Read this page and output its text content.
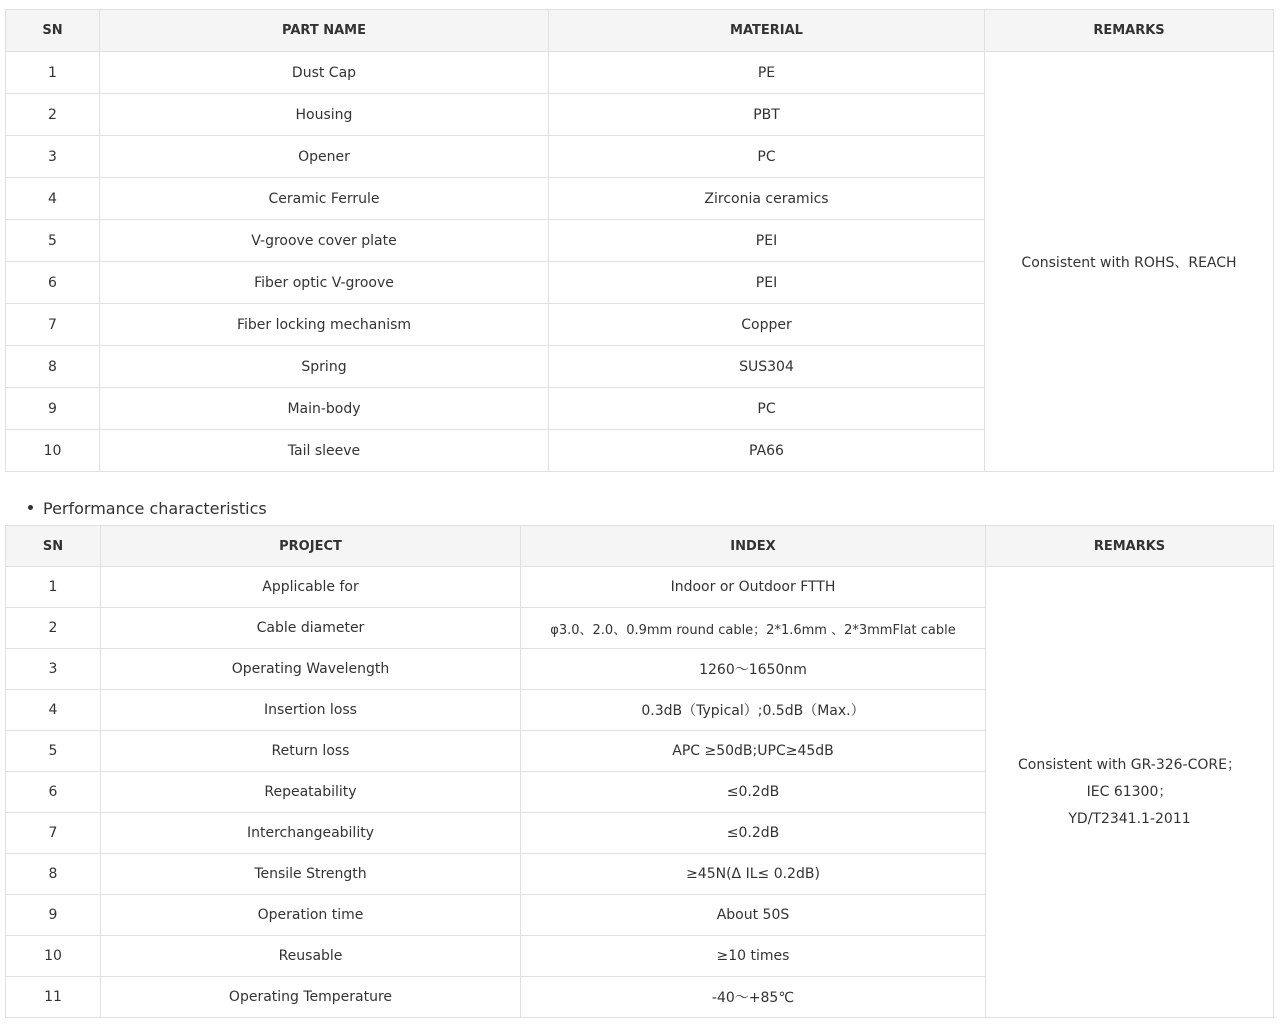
SN	PART NAME	MATERIAL	REMARKS
1	Dust Cap	PE	Consistent with ROHS、REACH
2	Housing	PBT	
3	Opener	PC	
4	Ceramic Ferrule	Zirconia ceramics	
5	V-groove cover plate	PEI	
6	Fiber optic V-groove	PEI	
7	Fiber locking mechanism	Copper	
8	Spring	SUS304	
9	Main-body	PC	
10	Tail sleeve	PA66	
Performance characteristics
SN	PROJECT	INDEX	REMARKS
1	Applicable for	Indoor or Outdoor FTTH	Consistent with GR-326-CORE；
IEC 61300；
YD/T2341.1-2011

2	Cable diameter	φ3.0、2.0、0.9mm round cable；2*1.6mm 、2*3mmFlat cable	
3	Operating Wavelength	1260～1650nm	
4	Insertion loss	0.3dB（Typical）;0.5dB（Max.）	
5	Return loss	APC ≥50dB;UPC≥45dB	
6	Repeatability	≤0.2dB	
7	Interchangeability	≤0.2dB	
8	Tensile Strength	≥45N(Δ IL≤ 0.2dB)	
9	Operation time	About 50S	
10	Reusable	≥10 times	
11	Operating Temperature	-40～+85℃	
